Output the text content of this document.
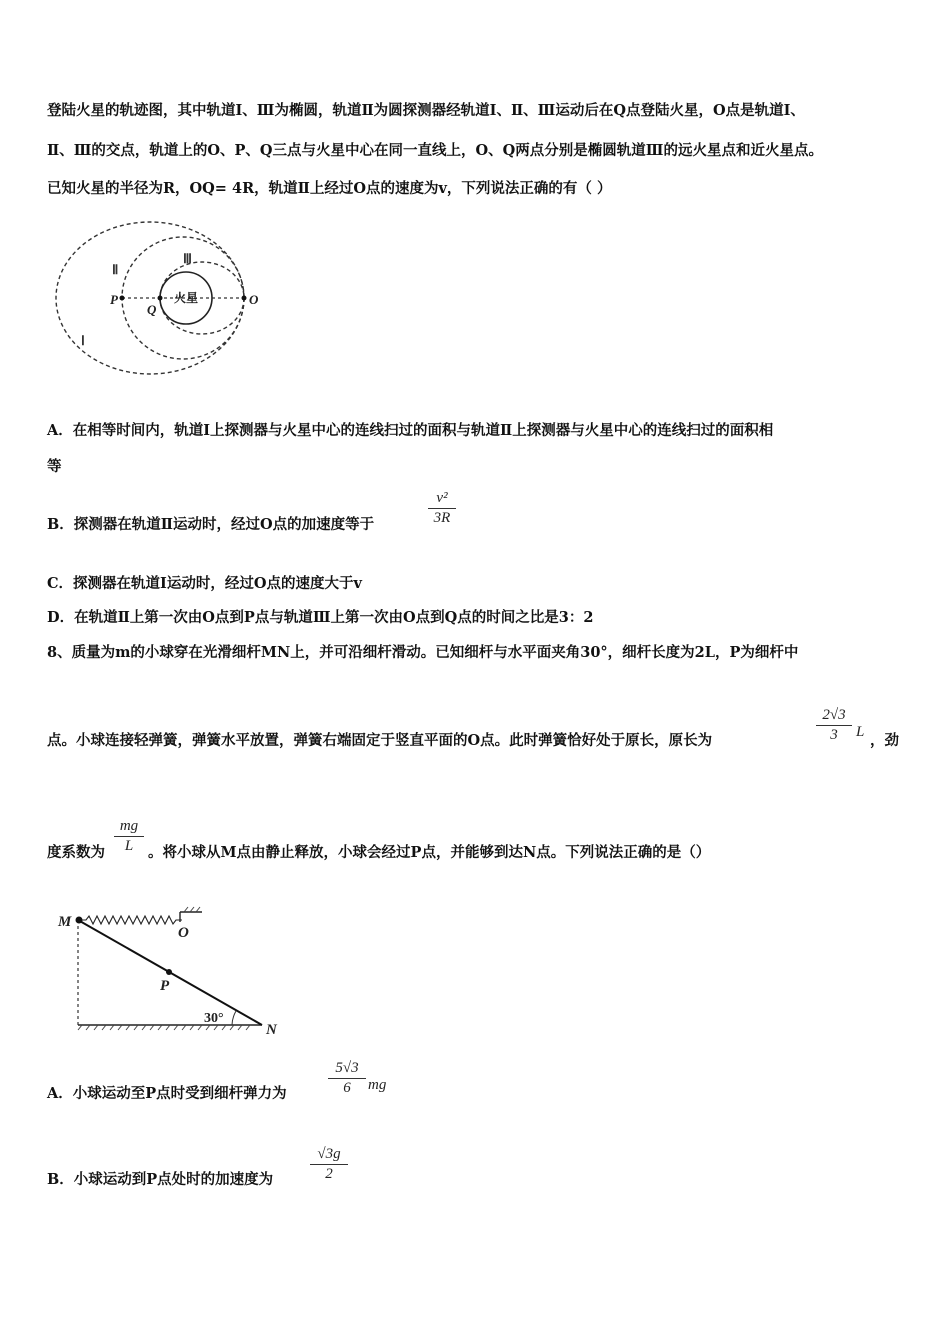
登陆火星的轨迹图，其中轨道Ⅰ、Ⅲ为椭圆，轨道Ⅱ为圆探测器经轨道Ⅰ、Ⅱ、Ⅲ运动后在Q点登陆火星，O点是轨道Ⅰ、
Ⅱ、Ⅲ的交点，轨道上的O、P、Q三点与火星中心在同一直线上，O、Q两点分别是椭圆轨道Ⅲ的远火星点和近火星点。
已知火星的半径为R，OQ= 4R，轨道Ⅱ上经过O点的速度为v，下列说法正确的有（ ）
Ⅰ
Ⅱ
Ⅲ
P
Q
O
火星
A．在相等时间内，轨道Ⅰ上探测器与火星中心的连线扫过的面积与轨道Ⅱ上探测器与火星中心的连线扫过的面积相
等
B．探测器在轨道Ⅱ运动时，经过O点的加速度等于
v²
3R
C．探测器在轨道Ⅰ运动时，经过O点的速度大于v
D．在轨道Ⅱ上第一次由O点到P点与轨道Ⅲ上第一次由O点到Q点的时间之比是3：2
8、质量为m的小球穿在光滑细杆MN上，并可沿细杆滑动。已知细杆与水平面夹角30°，细杆长度为2L，P为细杆中
点。小球连接轻弹簧，弹簧水平放置，弹簧右端固定于竖直平面的O点。此时弹簧恰好处于原长，原长为
2√3
3	L ，劲
度系数为
mg
L	。将小球从M点由静止释放，小球会经过P点，并能够到达N点。下列说法正确的是（）
M
O
P
N
30°
A．小球运动至P点时受到细杆弹力为
5√3
6	mg
B．小球运动到P点处时的加速度为
√3g
2
